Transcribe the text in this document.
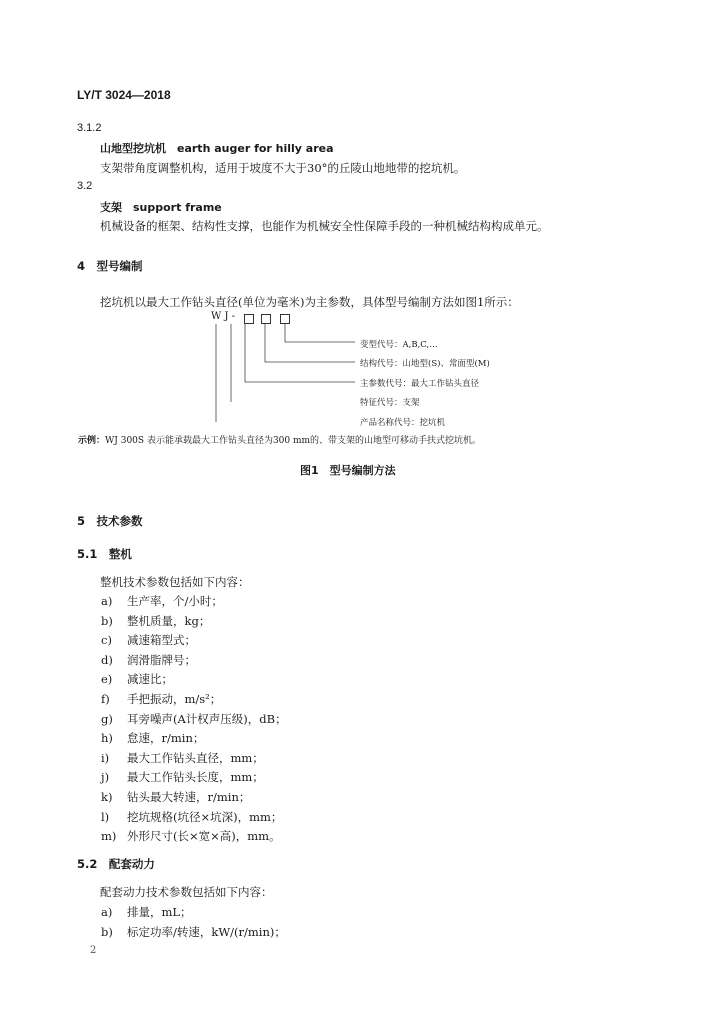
LY/T 3024—2018
3.1.2
山地型挖坑机　earth auger for hilly area
支架带角度调整机构，适用于坡度不大于30°的丘陵山地地带的挖坑机。
3.2
支架　support frame
机械设备的框架、结构性支撑，也能作为机械安全性保障手段的一种机械结构构成单元。
4　型号编制
挖坑机以最大工作钻头直径(单位为毫米)为主参数，具体型号编制方法如图1所示：
W J -
变型代号：A,B,C,…
结构代号：山地型(S)、常面型(M)
主参数代号：最大工作钻头直径
特征代号：支架
产品名称代号：挖坑机
示例：WJ 300S 表示能承载最大工作钻头直径为300 mm的、带支架的山地型可移动手扶式挖坑机。
图1　型号编制方法
5　技术参数
5.1　整机
整机技术参数包括如下内容：
a) 生产率，个/小时；
b) 整机质量，kg；
c) 减速箱型式；
d) 润滑脂牌号；
e) 减速比；
f) 手把振动，m/s²；
g) 耳旁噪声(A计权声压级)，dB；
h) 怠速，r/min；
i) 最大工作钻头直径，mm；
j) 最大工作钻头长度，mm；
k) 钻头最大转速，r/min；
l) 挖坑规格(坑径×坑深)，mm；
m) 外形尺寸(长×宽×高)，mm。
5.2　配套动力
配套动力技术参数包括如下内容：
a) 排量，mL；
b) 标定功率/转速，kW/(r/min)；
2
